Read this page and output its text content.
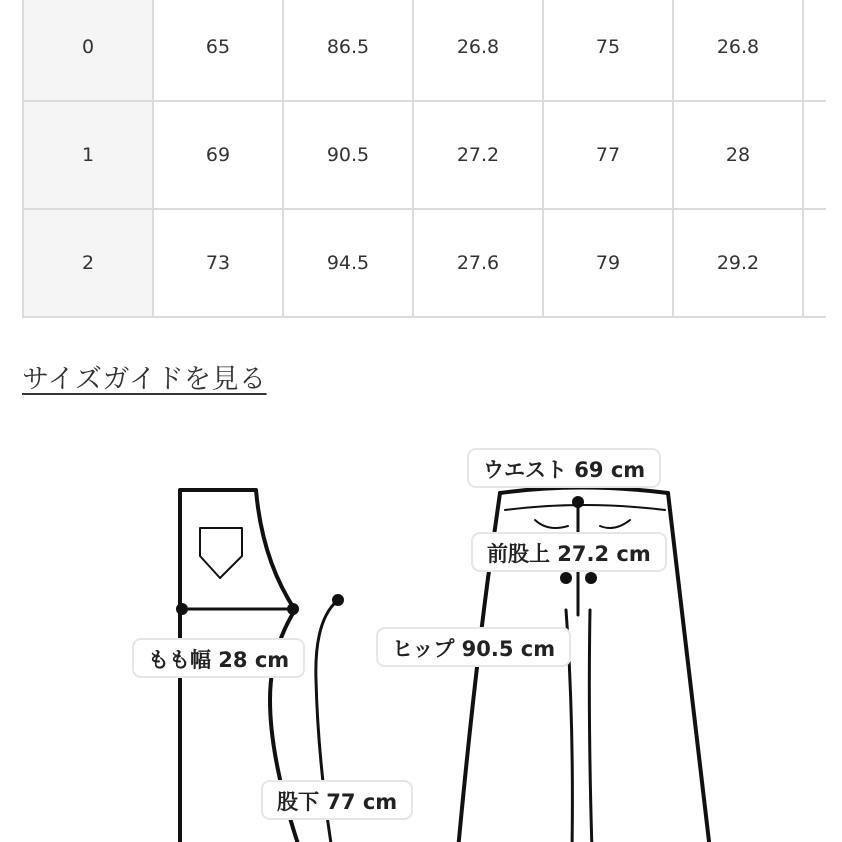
0	65	86.5	26.8	75	26.8	
1	69	90.5	27.2	77	28	
2	73	94.5	27.6	79	29.2	
サイズガイドを見る
ウエスト 69 cm
前股上 27.2 cm
ヒップ 90.5 cm
もも幅 28 cm
股下 77 cm
